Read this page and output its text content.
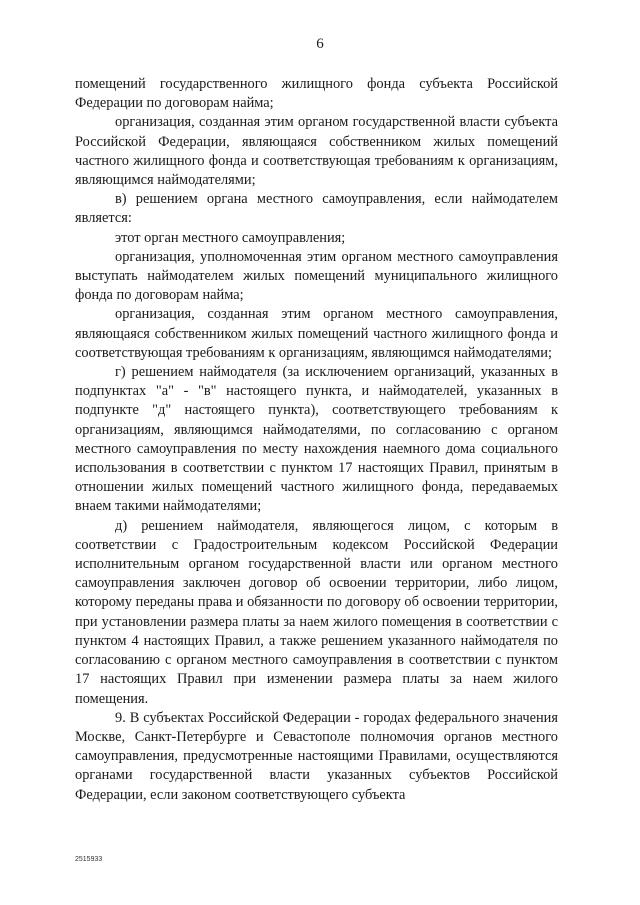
6

помещений государственного жилищного фонда субъекта Российской Федерации по договорам найма;

организация, созданная этим органом государственной власти субъекта Российской Федерации, являющаяся собственником жилых помещений частного жилищного фонда и соответствующая требованиям к организациям, являющимся наймодателями;

в) решением органа местного самоуправления, если наймодателем является:

этот орган местного самоуправления;

организация, уполномоченная этим органом местного самоуправления выступать наймодателем жилых помещений муниципального жилищного фонда по договорам найма;

организация, созданная этим органом местного самоуправления, являющаяся собственником жилых помещений частного жилищного фонда и соответствующая требованиям к организациям, являющимся наймодателями;

г) решением наймодателя (за исключением организаций, указанных в подпунктах "а" - "в" настоящего пункта, и наймодателей, указанных в подпункте "д" настоящего пункта), соответствующего требованиям к организациям, являющимся наймодателями, по согласованию с органом местного самоуправления по месту нахождения наемного дома социального использования в соответствии с пунктом 17 настоящих Правил, принятым в отношении жилых помещений частного жилищного фонда, передаваемых внаем такими наймодателями;

д) решением наймодателя, являющегося лицом, с которым в соответствии с Градостроительным кодексом Российской Федерации исполнительным органом государственной власти или органом местного самоуправления заключен договор об освоении территории, либо лицом, которому переданы права и обязанности по договору об освоении территории, при установлении размера платы за наем жилого помещения в соответствии с пунктом 4 настоящих Правил, а также решением указанного наймодателя по согласованию с органом местного самоуправления в соответствии с пунктом 17 настоящих Правил при изменении размера платы за наем жилого помещения.

9. В субъектах Российской Федерации - городах федерального значения Москве, Санкт-Петербурге и Севастополе полномочия органов местного самоуправления, предусмотренные настоящими Правилами, осуществляются органами государственной власти указанных субъектов Российской Федерации, если законом соответствующего субъекта

2515933
